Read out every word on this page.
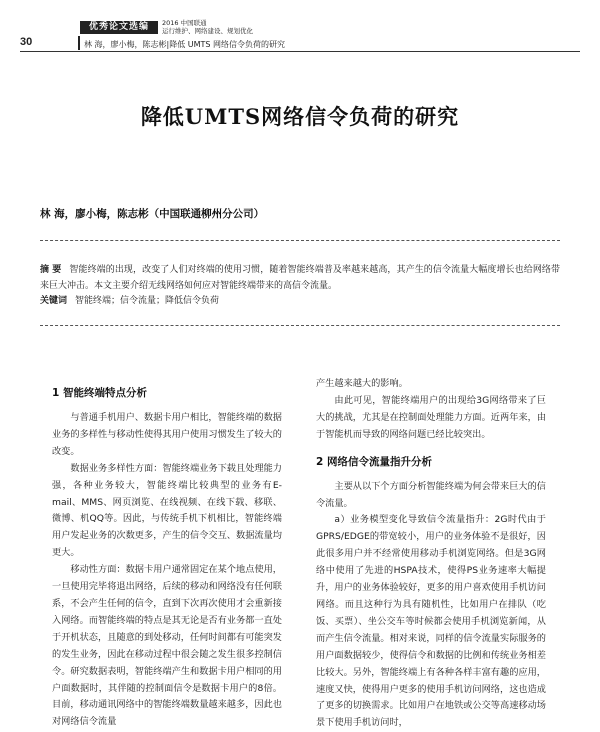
30
优秀论文选编	2016 中国联通
运行维护、网络建设、规划优化
林 海，廖小梅，陈志彬|降低 UMTS 网络信令负荷的研究
降低UMTS网络信令负荷的研究
林 海，廖小梅，陈志彬（中国联通柳州分公司）
摘 要 智能终端的出现，改变了人们对终端的使用习惯，随着智能终端普及率越来越高，其产生的信令流量大幅度增长也给网络带来巨大冲击。本文主要介绍无线网络如何应对智能终端带来的高信令流量。
关键词 智能终端；信令流量；降低信令负荷
1 智能终端特点分析

与普通手机用户、数据卡用户相比，智能终端的数据业务的多样性与移动性使得其用户使用习惯发生了较大的改变。

数据业务多样性方面：智能终端业务下载且处理能力强，各种业务较大，智能终端比较典型的业务有E-mail、MMS、网页浏览、在线视频、在线下载、移联、微博、机QQ等。因此，与传统手机下机相比，智能终端用户发起业务的次数更多，产生的信令交互、数据流量均更大。

移动性方面：数据卡用户通常固定在某个地点使用，一旦使用完毕将退出网络，后续的移动和网络没有任何联系，不会产生任何的信令，直到下次再次使用才会重新接入网络。而智能终端的特点是其无论是否有业务都一直处于开机状态，且随意的到处移动，任何时间都有可能突发的发生业务，因此在移动过程中很会随之发生很多控制信令。研究数据表明，智能终端产生和数据卡用户相同的用户面数据时，其伴随的控制面信令是数据卡用户的8倍。目前，移动通讯网络中的智能终端数量越来越多，因此也对网络信令流量

产生越来越大的影响。

由此可见，智能终端用户的出现给3G网络带来了巨大的挑战，尤其是在控制面处理能力方面。近两年来，由于智能机而导致的网络问题已经比较突出。

2 网络信令流量指升分析

主要从以下个方面分析智能终端为何会带来巨大的信令流量。

a）业务模型变化导致信令流量指升：2G时代由于GPRS/EDGE的带宽较小，用户的业务体验不是很好，因此很多用户并不经常使用移动手机浏览网络。但是3G网络中使用了先进的HSPA技术，使得PS业务速率大幅提升，用户的业务体验较好，更多的用户喜欢使用手机访问网络。而且这种行为具有随机性，比如用户在排队（吃饭、买票）、坐公交车等时候都会使用手机浏览新闻，从而产生信令流量。相对来说，同样的信令流量实际服务的用户面数据较少，使得信令和数据的比例和传统业务相差比较大。另外，智能终端上有各种各样丰富有趣的应用，速度又快，使得用户更多的使用手机访问网络，这也造成了更多的切换需求。比如用户在地铁或公交等高速移动场景下使用手机访问时，
